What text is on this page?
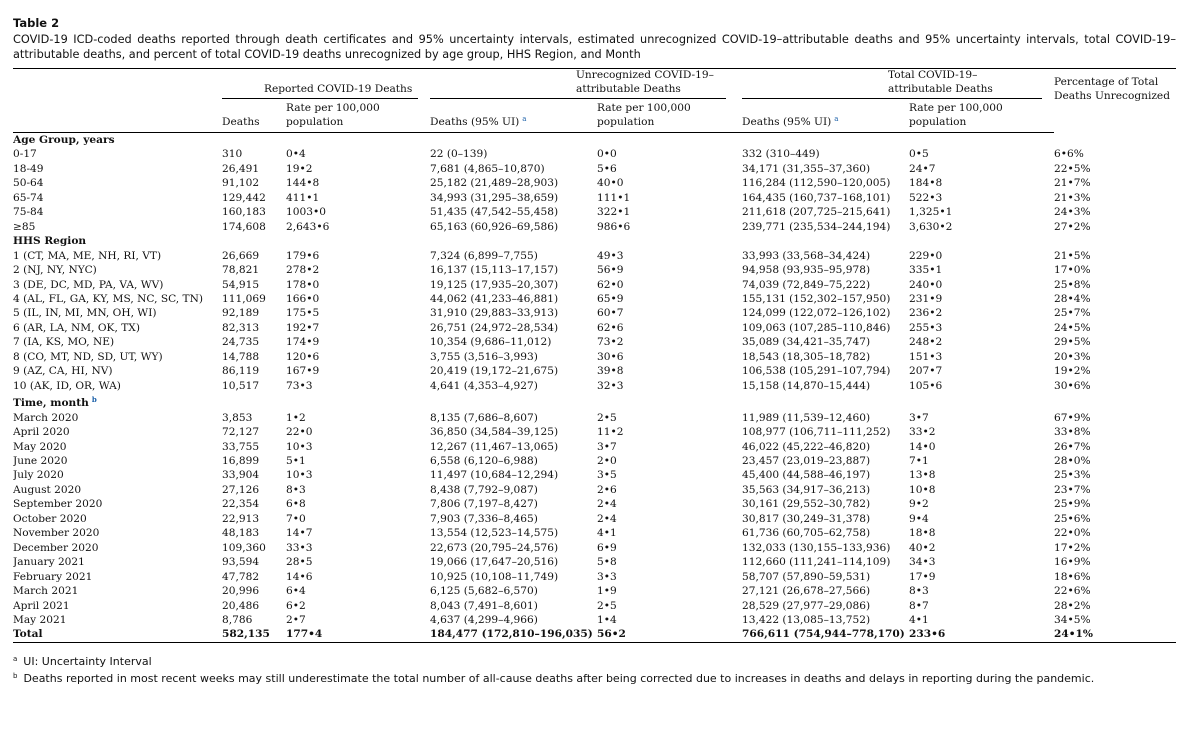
Table 2
COVID-19 ICD-coded deaths reported through death certificates and 95% uncertainty intervals, estimated unrecognized COVID-19–attributable deaths and 95% uncertainty intervals, total COVID-19–attributable deaths, and percent of total COVID-19 deaths unrecognized by age group, HHS Region, and Month

	Reported COVID-19 Deaths		Unrecognized COVID-19–attributable Deaths		Total COVID-19– attributable Deaths		Percentage of Total Deaths Unrecognized
	Deaths	Rate per 100,000 population	Deaths (95% UI) $^a$	Rate per 100,000 population	Deaths (95% UI) $^a$	Rate per 100,000 population	
Age Group, years							
0-17	310	0•4	22 (0–139)	0•0	332 (310–449)	0•5	6•6%
18-49	26,491	19•2	7,681 (4,865–10,870)	5•6	34,171 (31,355–37,360)	24•7	22•5%
50-64	91,102	144•8	25,182 (21,489–28,903)	40•0	116,284 (112,590–120,005)	184•8	21•7%
65-74	129,442	411•1	34,993 (31,295–38,659)	111•1	164,435 (160,737–168,101)	522•3	21•3%
75-84	160,183	1003•0	51,435 (47,542–55,458)	322•1	211,618 (207,725–215,641)	1,325•1	24•3%
≥85	174,608	2,643•6	65,163 (60,926–69,586)	986•6	239,771 (235,534–244,194)	3,630•2	27•2%
HHS Region							
1 (CT, MA, ME, NH, RI, VT)	26,669	179•6	7,324 (6,899–7,755)	49•3	33,993 (33,568–34,424)	229•0	21•5%
2 (NJ, NY, NYC)	78,821	278•2	16,137 (15,113–17,157)	56•9	94,958 (93,935–95,978)	335•1	17•0%
3 (DE, DC, MD, PA, VA, WV)	54,915	178•0	19,125 (17,935–20,307)	62•0	74,039 (72,849–75,222)	240•0	25•8%
4 (AL, FL, GA, KY, MS, NC, SC, TN)	111,069	166•0	44,062 (41,233–46,881)	65•9	155,131 (152,302–157,950)	231•9	28•4%
5 (IL, IN, MI, MN, OH, WI)	92,189	175•5	31,910 (29,883–33,913)	60•7	124,099 (122,072–126,102)	236•2	25•7%
6 (AR, LA, NM, OK, TX)	82,313	192•7	26,751 (24,972–28,534)	62•6	109,063 (107,285–110,846)	255•3	24•5%
7 (IA, KS, MO, NE)	24,735	174•9	10,354 (9,686–11,012)	73•2	35,089 (34,421–35,747)	248•2	29•5%
8 (CO, MT, ND, SD, UT, WY)	14,788	120•6	3,755 (3,516–3,993)	30•6	18,543 (18,305–18,782)	151•3	20•3%
9 (AZ, CA, HI, NV)	86,119	167•9	20,419 (19,172–21,675)	39•8	106,538 (105,291–107,794)	207•7	19•2%
10 (AK, ID, OR, WA)	10,517	73•3	4,641 (4,353–4,927)	32•3	15,158 (14,870–15,444)	105•6	30•6%
Time, month $^b$							
March 2020	3,853	1•2	8,135 (7,686–8,607)	2•5	11,989 (11,539–12,460)	3•7	67•9%
April 2020	72,127	22•0	36,850 (34,584–39,125)	11•2	108,977 (106,711–111,252)	33•2	33•8%
May 2020	33,755	10•3	12,267 (11,467–13,065)	3•7	46,022 (45,222–46,820)	14•0	26•7%
June 2020	16,899	5•1	6,558 (6,120–6,988)	2•0	23,457 (23,019–23,887)	7•1	28•0%
July 2020	33,904	10•3	11,497 (10,684–12,294)	3•5	45,400 (44,588–46,197)	13•8	25•3%
August 2020	27,126	8•3	8,438 (7,792–9,087)	2•6	35,563 (34,917–36,213)	10•8	23•7%
September 2020	22,354	6•8	7,806 (7,197–8,427)	2•4	30,161 (29,552–30,782)	9•2	25•9%
October 2020	22,913	7•0	7,903 (7,336–8,465)	2•4	30,817 (30,249–31,378)	9•4	25•6%
November 2020	48,183	14•7	13,554 (12,523–14,575)	4•1	61,736 (60,705–62,758)	18•8	22•0%
December 2020	109,360	33•3	22,673 (20,795–24,576)	6•9	132,033 (130,155–133,936)	40•2	17•2%
January 2021	93,594	28•5	19,066 (17,647–20,516)	5•8	112,660 (111,241–114,109)	34•3	16•9%
February 2021	47,782	14•6	10,925 (10,108–11,749)	3•3	58,707 (57,890–59,531)	17•9	18•6%
March 2021	20,996	6•4	6,125 (5,682–6,570)	1•9	27,121 (26,678–27,566)	8•3	22•6%
April 2021	20,486	6•2	8,043 (7,491–8,601)	2•5	28,529 (27,977–29,086)	8•7	28•2%
May 2021	8,786	2•7	4,637 (4,299–4,966)	1•4	13,422 (13,085–13,752)	4•1	34•5%
Total	582,135	177•4	184,477 (172,810–196,035)	56•2	766,611 (754,944–778,170)	233•6	24•1%
$^a$ UI: Uncertainty Interval
$^b$ Deaths reported in most recent weeks may still underestimate the total number of all-cause deaths after being corrected due to increases in deaths and delays in reporting during the pandemic.
